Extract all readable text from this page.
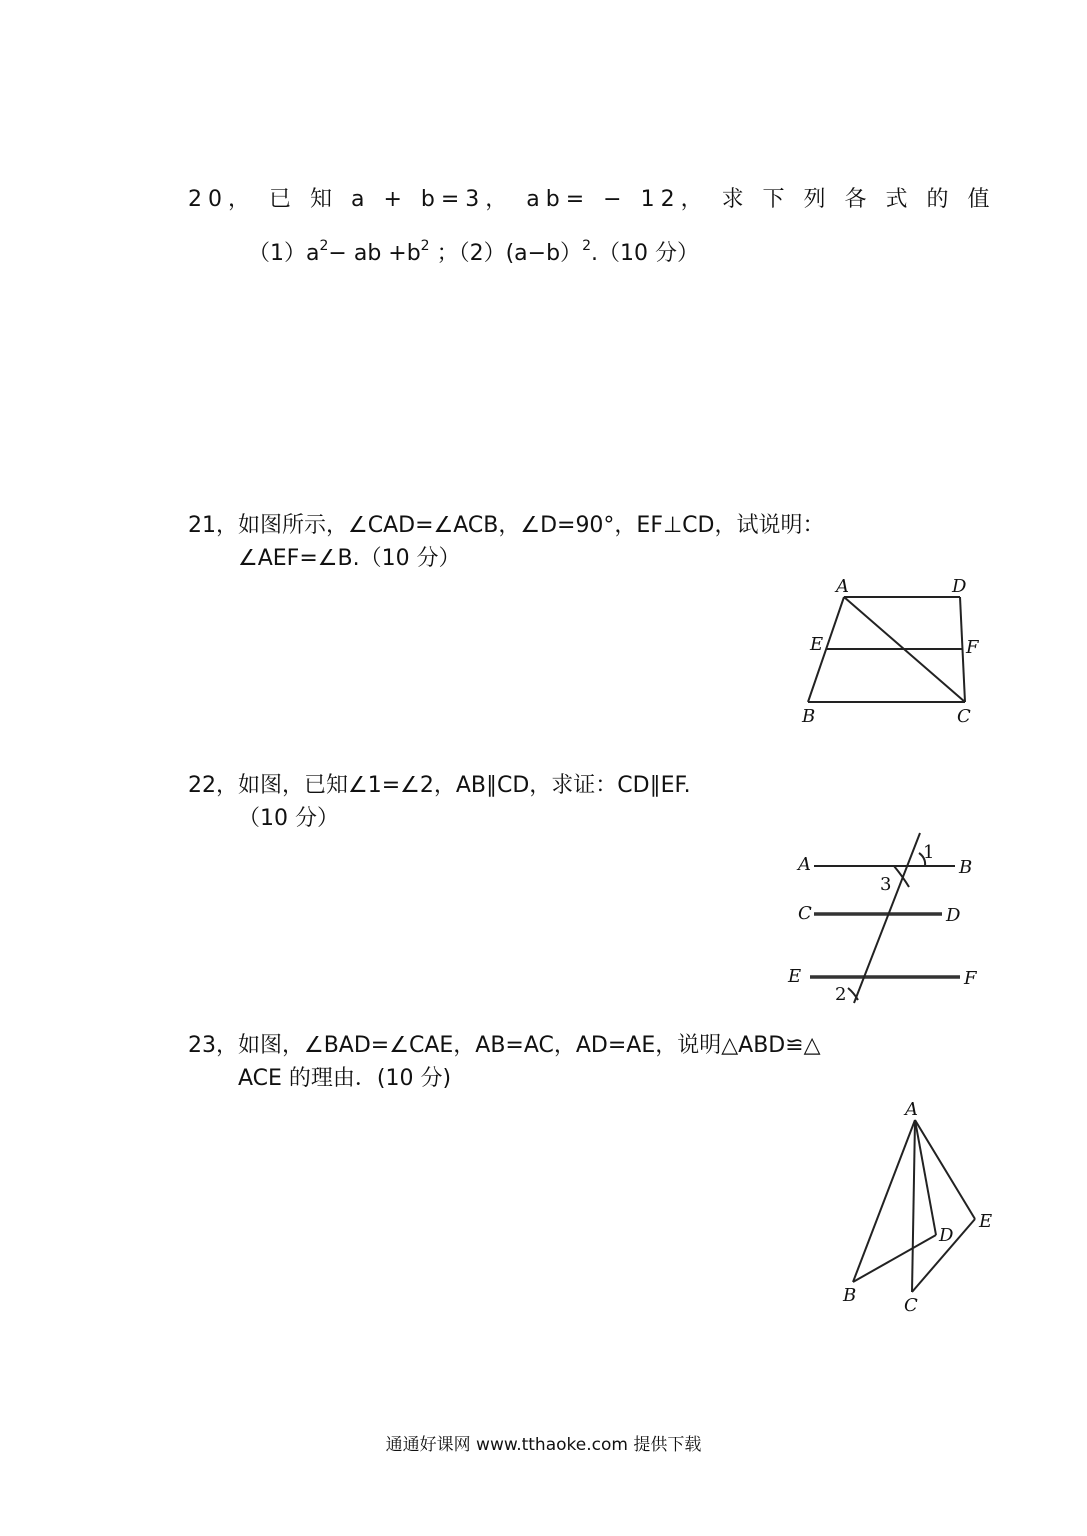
20， 已 知 a + b=3， ab= − 12， 求 下 列 各 式 的 值
$(1)a^2-$ ab $+b^2$ ；（2）(a−b）$^2$.（10 分）
21，如图所示，∠CAD=∠ACB，∠D=90°，EF⊥CD，试说明：
∠AEF=∠B.（10 分）
A	D
E	F
B	C
22，如图，已知∠1=∠2，AB∥CD，求证：CD∥EF.
（10 分）
A	B
C	D
E	F
1
3
2
23，如图，∠BAD=∠CAE，AB=AC，AD=AE，说明△ABD≌△
ACE 的理由．(10 分)
A
B	C
D
E
通通好课网 www.tthaoke.com 提供下载
